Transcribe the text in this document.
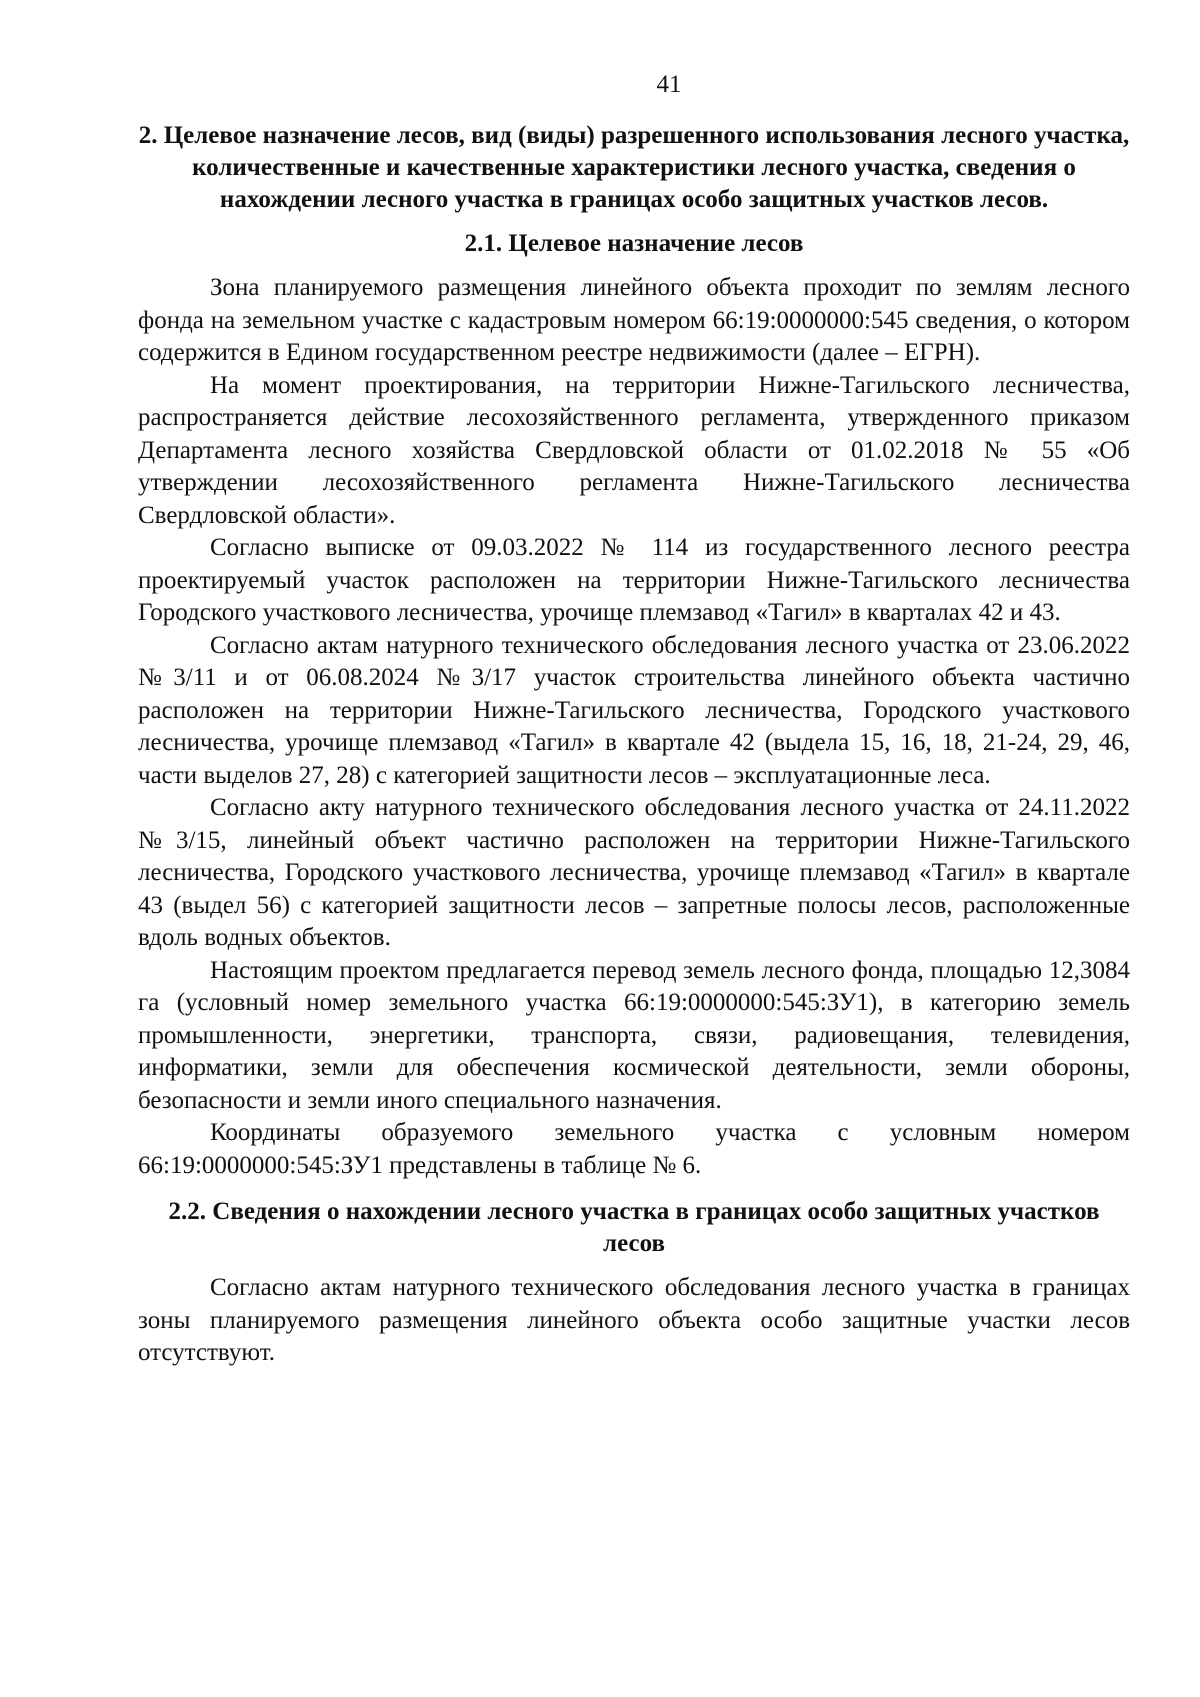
41
2. Целевое назначение лесов, вид (виды) разрешенного использования лесного участка, количественные и качественные характеристики лесного участка, сведения о нахождении лесного участка в границах особо защитных участков лесов.
2.1. Целевое назначение лесов

Зона планируемого размещения линейного объекта проходит по землям лесного фонда на земельном участке с кадастровым номером 66:19:0000000:545 сведения, о котором содержится в Едином государственном реестре недвижимости (далее – ЕГРН).

На момент проектирования, на территории Нижне-Тагильского лесничества, распространяется действие лесохозяйственного регламента, утвержденного приказом Департамента лесного хозяйства Свердловской области от 01.02.2018 № 55 «Об утверждении лесохозяйственного регламента Нижне-Тагильского лесничества Свердловской области».

Согласно выписке от 09.03.2022 № 114 из государственного лесного реестра проектируемый участок расположен на территории Нижне-Тагильского лесничества Городского участкового лесничества, урочище племзавод «Тагил» в кварталах 42 и 43.

Согласно актам натурного технического обследования лесного участка от 23.06.2022 №3/11 и от 06.08.2024 №3/17 участок строительства линейного объекта частично расположен на территории Нижне-Тагильского лесничества, Городского участкового лесничества, урочище племзавод «Тагил» в квартале 42 (выдела 15, 16, 18, 21-24, 29, 46, части выделов 27, 28) с категорией защитности лесов – эксплуатационные леса.

Согласно акту натурного технического обследования лесного участка от 24.11.2022 №3/15, линейный объект частично расположен на территории Нижне-Тагильского лесничества, Городского участкового лесничества, урочище племзавод «Тагил» в квартале 43 (выдел 56) с категорией защитности лесов – запретные полосы лесов, расположенные вдоль водных объектов.

Настоящим проектом предлагается перевод земель лесного фонда, площадью 12,3084 га (условный номер земельного участка 66:19:0000000:545:ЗУ1), в категорию земель промышленности, энергетики, транспорта, связи, радиовещания, телевидения, информатики, земли для обеспечения космической деятельности, земли обороны, безопасности и земли иного специального назначения.

Координаты образуемого земельного участка с условным номером 66:19:0000000:545:ЗУ1 представлены в таблице № 6.

2.2. Сведения о нахождении лесного участка в границах особо защитных участков лесов

Согласно актам натурного технического обследования лесного участка в границах зоны планируемого размещения линейного объекта особо защитные участки лесов отсутствуют.
